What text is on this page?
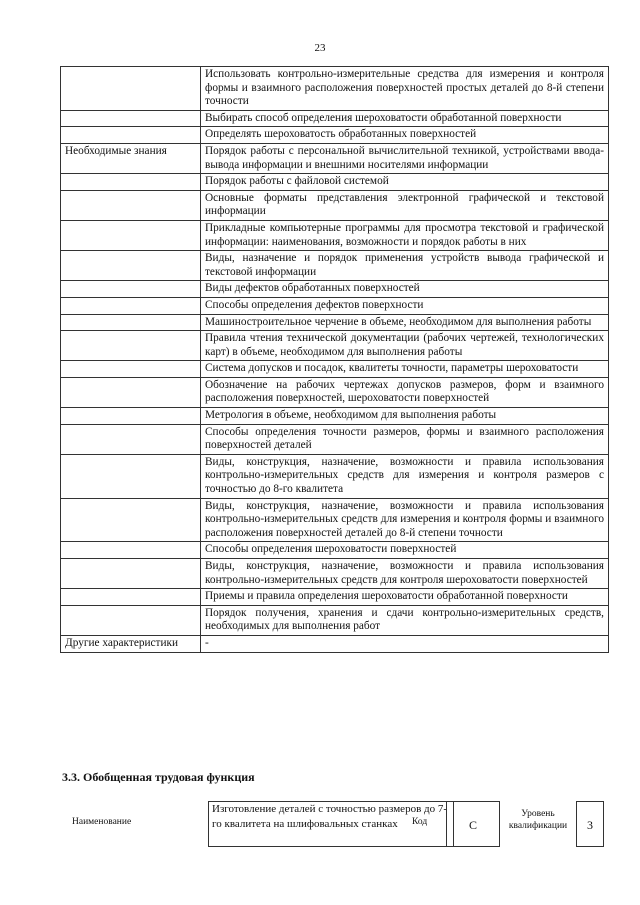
23
	Использовать контрольно-измерительные средства для измерения и контроля формы и взаимного расположения поверхностей простых деталей до 8-й степени точности
	Выбирать способ определения шероховатости обработанной поверхности
	Определять шероховатость обработанных поверхностей
Необходимые знания	Порядок работы с персональной вычислительной техникой, устройствами ввода-вывода информации и внешними носителями информации
	Порядок работы с файловой системой
	Основные форматы представления электронной графической и текстовой информации
	Прикладные компьютерные программы для просмотра текстовой и графической информации: наименования, возможности и порядок работы в них
	Виды, назначение и порядок применения устройств вывода графической и текстовой информации
	Виды дефектов обработанных поверхностей
	Способы определения дефектов поверхности
	Машиностроительное черчение в объеме, необходимом для выполнения работы
	Правила чтения технической документации (рабочих чертежей, технологических карт) в объеме, необходимом для выполнения работы
	Система допусков и посадок, квалитеты точности, параметры шероховатости
	Обозначение на рабочих чертежах допусков размеров, форм и взаимного расположения поверхностей, шероховатости поверхностей
	Метрология в объеме, необходимом для выполнения работы
	Способы определения точности размеров, формы и взаимного расположения поверхностей деталей
	Виды, конструкция, назначение, возможности и правила использования контрольно-измерительных средств для измерения и контроля размеров с точностью до 8-го квалитета
	Виды, конструкция, назначение, возможности и правила использования контрольно-измерительных средств для измерения и контроля формы и взаимного расположения поверхностей деталей до 8-й степени точности
	Способы определения шероховатости поверхностей
	Виды, конструкция, назначение, возможности и правила использования контрольно-измерительных средств для контроля шероховатости поверхностей
	Приемы и правила определения шероховатости обработанной поверхности
	Порядок получения, хранения и сдачи контрольно-измерительных средств, необходимых для выполнения работ
Другие характеристики	-
3.3. Обобщенная трудовая функция
Наименование
Изготовление деталей с точностью размеров до 7-го квалитета на шлифовальных станках	Код	C
Уровень квалификации	3
